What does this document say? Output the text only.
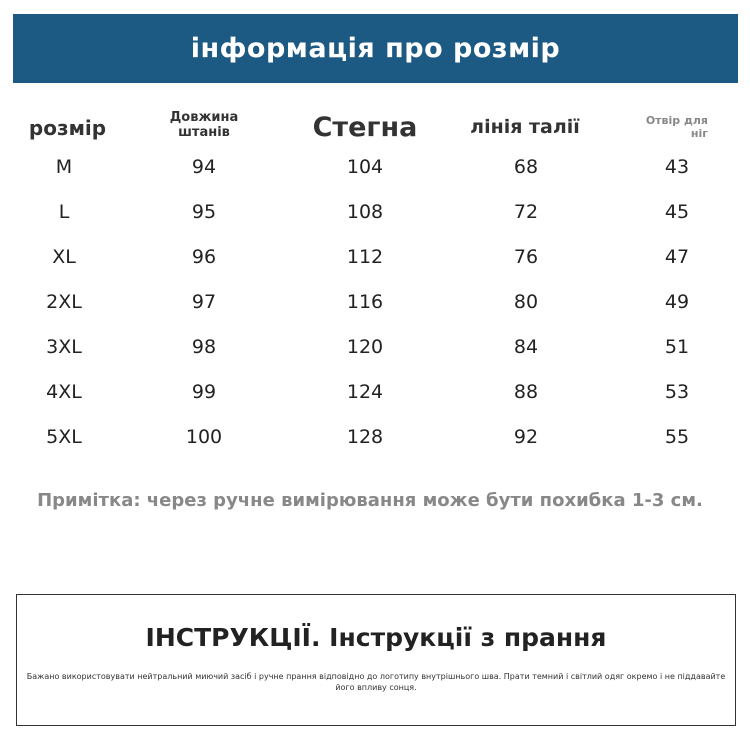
інформація про розмір
розмір	Довжина штанів	Стегна	лінія талії	Отвір для ніг
M	94	104	68	43
L	95	108	72	45
XL	96	112	76	47
2XL	97	116	80	49
3XL	98	120	84	51
4XL	99	124	88	53
5XL	100	128	92	55
Примітка: через ручне вимірювання може бути похибка 1-3 см.
ІНСТРУКЦІЇ. Інструкції з прання
Бажано використовувати нейтральний миючий засіб і ручне прання відповідно до логотипу внутрішнього шва. Прати темний і світлий одяг окремо і не піддавайте його впливу сонця.
